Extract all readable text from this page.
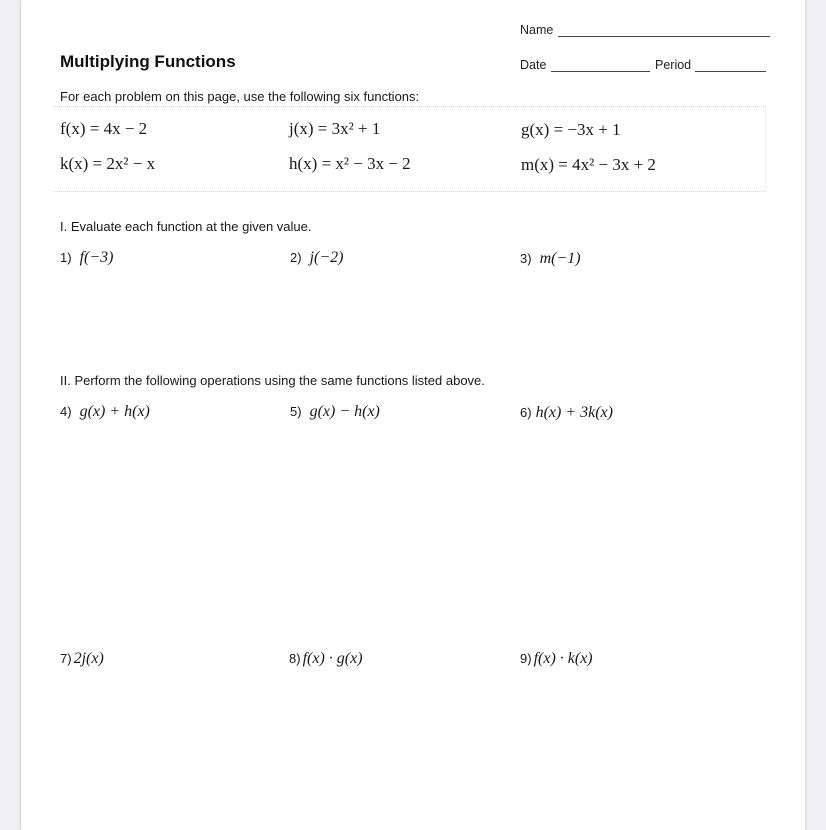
Name
Date	Period
Multiplying Functions
For each problem on this page, use the following six functions:
f(x) = 4x − 2	j(x) = 3x² + 1	g(x) = −3x + 1
k(x) = 2x² − x	h(x) = x² − 3x − 2	m(x) = 4x² − 3x + 2
I. Evaluate each function at the given value.
1) f(−3)	2) j(−2)	3) m(−1)
II. Perform the following operations using the same functions listed above.
4) g(x) + h(x)	5) g(x) − h(x)	6) h(x) + 3k(x)
7) 2j(x)	8) f(x) · g(x)	9) f(x) · k(x)
